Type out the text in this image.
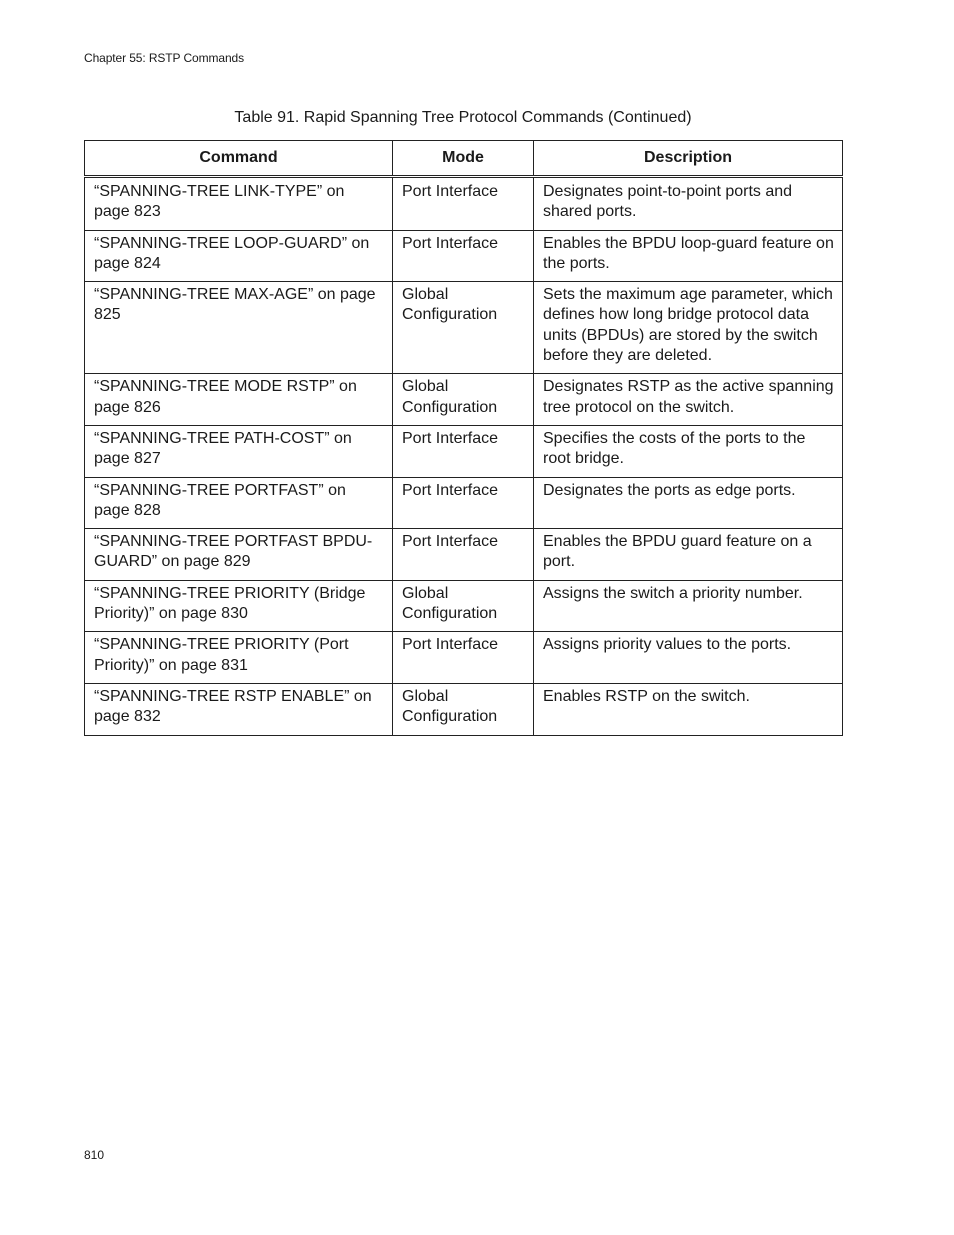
Chapter 55: RSTP Commands
Table 91. Rapid Spanning Tree Protocol Commands (Continued)
Command	Mode	Description
“SPANNING-TREE LINK-TYPE” on page 823	Port Interface	Designates point-to-point ports and shared ports.
“SPANNING-TREE LOOP-GUARD” on page 824	Port Interface	Enables the BPDU loop-guard feature on the ports.
“SPANNING-TREE MAX-AGE” on page 825	Global Configuration	Sets the maximum age parameter, which defines how long bridge protocol data units (BPDUs) are stored by the switch before they are deleted.
“SPANNING-TREE MODE RSTP” on page 826	Global Configuration	Designates RSTP as the active spanning tree protocol on the switch.
“SPANNING-TREE PATH-COST” on page 827	Port Interface	Specifies the costs of the ports to the root bridge.
“SPANNING-TREE PORTFAST” on page 828	Port Interface	Designates the ports as edge ports.
“SPANNING-TREE PORTFAST BPDU-GUARD” on page 829	Port Interface	Enables the BPDU guard feature on a port.
“SPANNING-TREE PRIORITY (Bridge Priority)” on page 830	Global Configuration	Assigns the switch a priority number.
“SPANNING-TREE PRIORITY (Port Priority)” on page 831	Port Interface	Assigns priority values to the ports.
“SPANNING-TREE RSTP ENABLE” on page 832	Global Configuration	Enables RSTP on the switch.
810
